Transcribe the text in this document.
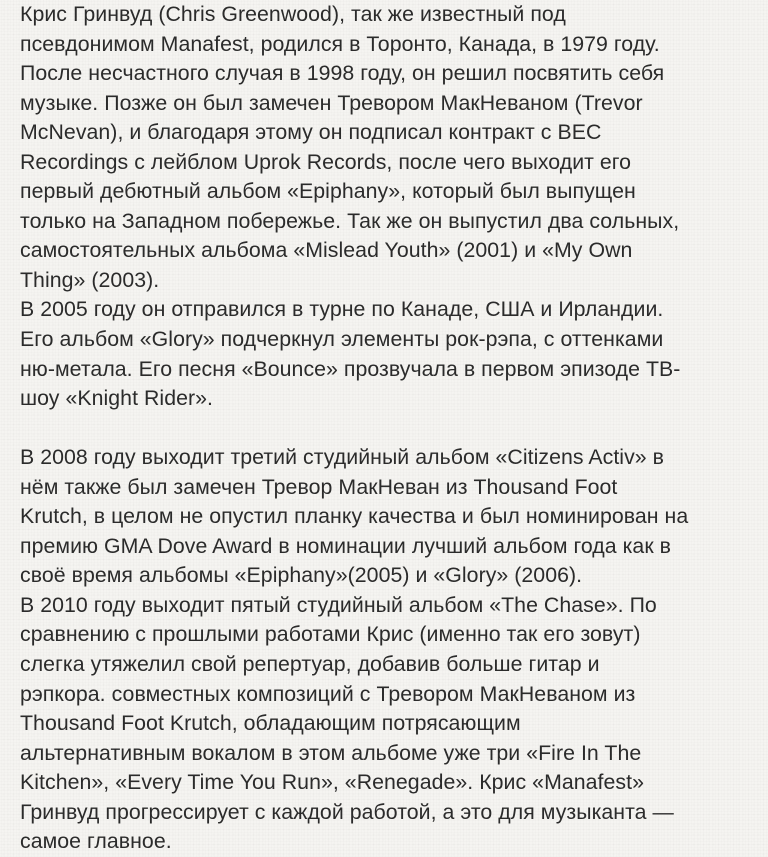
Крис Гринвуд (Chris Greenwood), так же известный под
псевдонимом Manafest, родился в Торонто, Канада, в 1979 году.
После несчастного случая в 1998 году, он решил посвятить себя
музыке. Позже он был замечен Тревором МакНеваном (Trevor
McNevan), и благодаря этому он подписал контракт с BEC
Recordings с лейблом Uprok Records, после чего выходит его
первый дебютный альбом «Epiphany», который был выпущен
только на Западном побережье. Так же он выпустил два сольных,
самостоятельных альбома «Mislead Youth» (2001) и «My Own
Thing» (2003).
В 2005 году он отправился в турне по Канаде, США и Ирландии.
Его альбом «Glory» подчеркнул элементы рок-рэпа, с оттенками
ню-метала. Его песня «Bounce» прозвучала в первом эпизоде ТВ-
шоу «Knight Rider».
В 2008 году выходит третий студийный альбом «Citizens Activ» в
нём также был замечен Тревор МакНеван из Thousand Foot
Krutch, в целом не опустил планку качества и был номинирован на
премию GMA Dove Award в номинации лучший альбом года как в
своё время альбомы «Epiphany»(2005) и «Glory» (2006).
В 2010 году выходит пятый студийный альбом «The Chase». По
сравнению с прошлыми работами Крис (именно так его зовут)
слегка утяжелил свой репертуар, добавив больше гитар и
рэпкора. совместных композиций с Тревором МакНеваном из
Thousand Foot Krutch, обладающим потрясающим
альтернативным вокалом в этом альбоме уже три «Fire In The
Kitchen», «Every Time You Run», «Renegade». Крис «Manafest»
Гринвуд прогрессирует с каждой работой, а это для музыканта —
самое главное.
